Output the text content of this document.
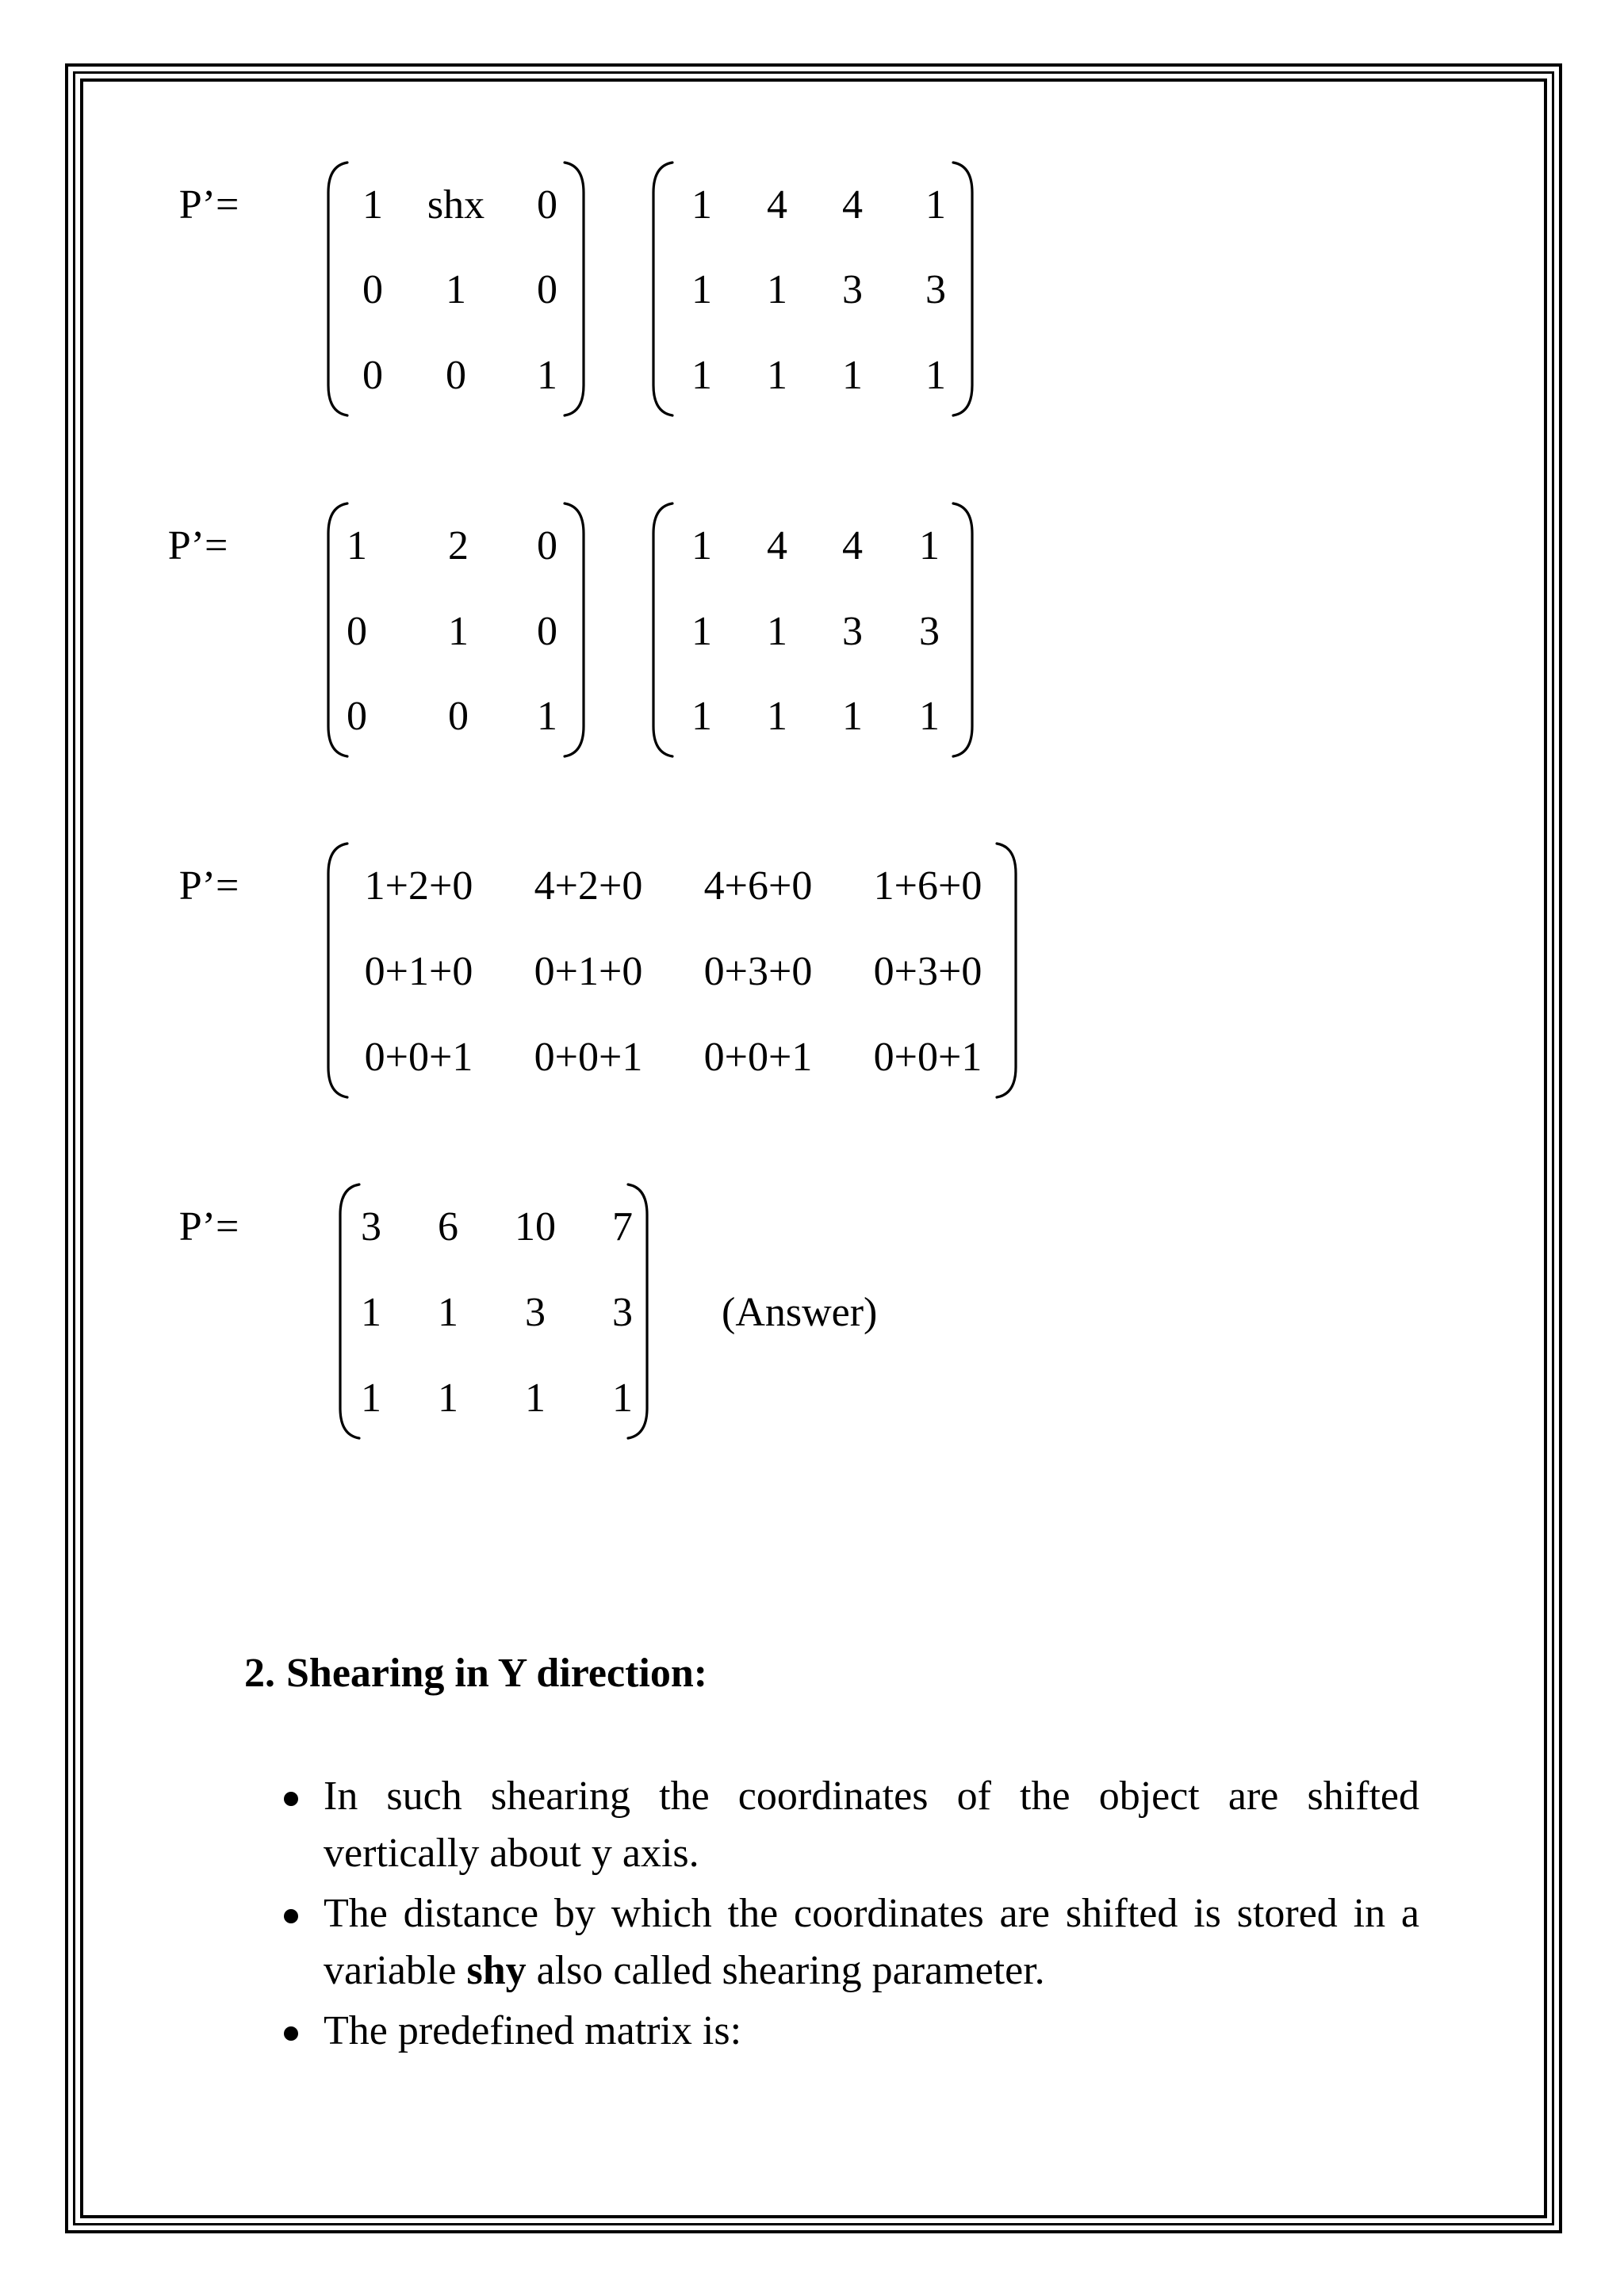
P’=	1 shx 0
0 1 0
0 0 1
1 4 4 1
1 1 3 3
1 1 1 1
P’=	1 2 0
0 1 0
0 0 1
1 4 4 1
1 1 3 3
1 1 1 1
P’=	1+2+0 4+2+0 4+6+0 1+6+0
0+1+0 0+1+0 0+3+0 0+3+0
0+0+1 0+0+1 0+0+1 0+0+1
P’=	3 6 10 7
1 1 3 3
1 1 1 1
(Answer)
2. Shearing in Y direction:
In such shearing the coordinates of the object are shifted vertically about y axis.
The distance by which the coordinates are shifted is stored in a variable shy also called shearing parameter.
The predefined matrix is:
